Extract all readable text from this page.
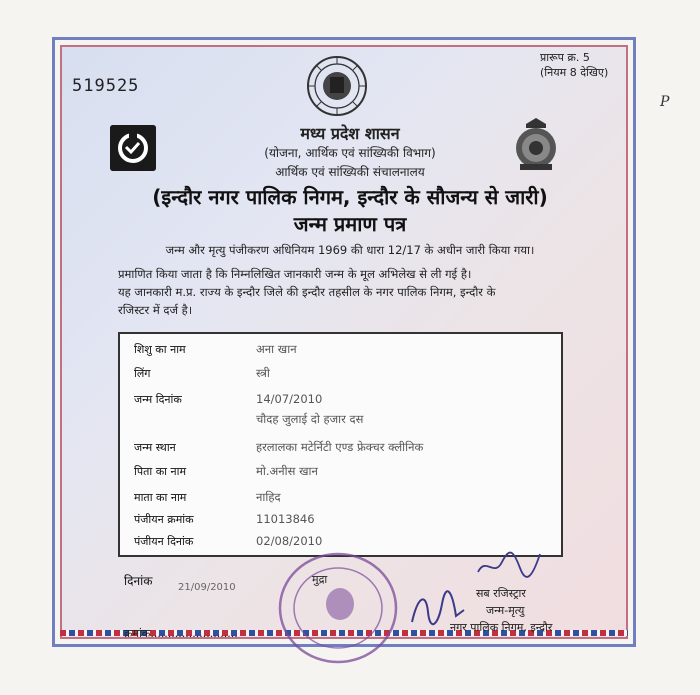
519525
प्रारूप क्र. 5
(नियम 8 देखिए)
P
मध्य प्रदेश शासन
(योजना, आर्थिक एवं सांख्यिकी विभाग)
आर्थिक एवं सांख्यिकी संचालनालय
(इन्दौर नगर पालिक निगम, इन्दौर के सौजन्य से जारी)
जन्म प्रमाण पत्र
जन्म और मृत्यु पंजीकरण अधिनियम 1969 की धारा 12/17 के अधीन जारी किया गया।
प्रमाणित किया जाता है कि निम्नलिखित जानकारी जन्म के मूल अभिलेख से ली गई है।
यह जानकारी म.प्र. राज्य के इन्दौर जिले की इन्दौर तहसील के नगर पालिक निगम, इन्दौर के
रजिस्टर में दर्ज है।
शिशु का नाम	अना खान
लिंग	स्त्री
जन्म दिनांक	14/07/2010
चौदह जुलाई दो हजार दस
जन्म स्थान	हरलालका मटेर्निटी एण्ड फ्रेक्चर क्लीनिक
पिता का नाम	मो.अनीस खान
माता का नाम	नाहिद
पंजीयन क्रमांक	11013846
पंजीयन दिनांक	02/08/2010
दिनांक	21/09/2010
मुद्रा
क्रमांक.........................
सब रजिस्ट्रार
जन्म-मृत्यु
नगर पालिक निगम, इन्दौर
